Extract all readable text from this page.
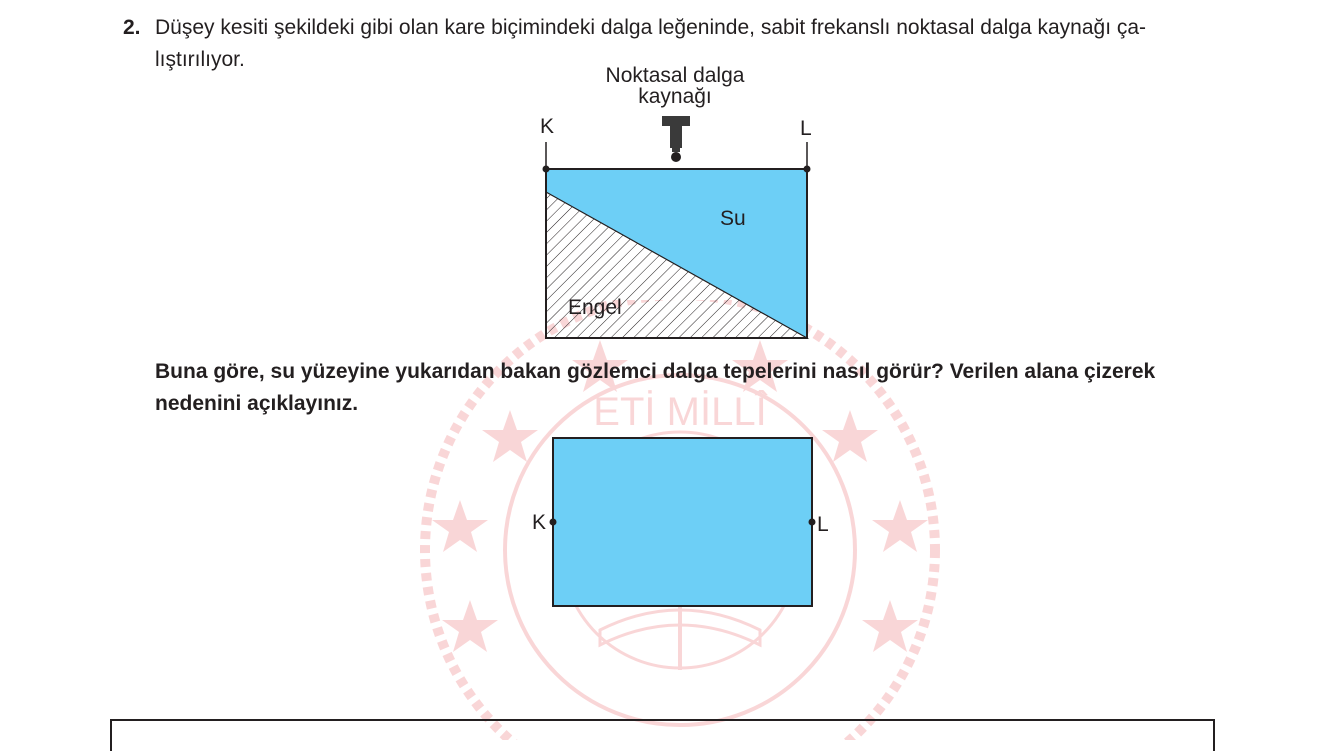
ETİ MİLLÎ
2. Düşey kesiti şekildeki gibi olan kare biçimindeki dalga leğeninde, sabit frekanslı noktasal dalga kaynağı ça-
lıştırılıyor.
Noktasal dalga
kaynağı
K	L
Su
Engel
Buna göre, su yüzeyine yukarıdan bakan gözlemci dalga tepelerini nasıl görür? Verilen alana çizerek
nedenini açıklayınız.
K	L
